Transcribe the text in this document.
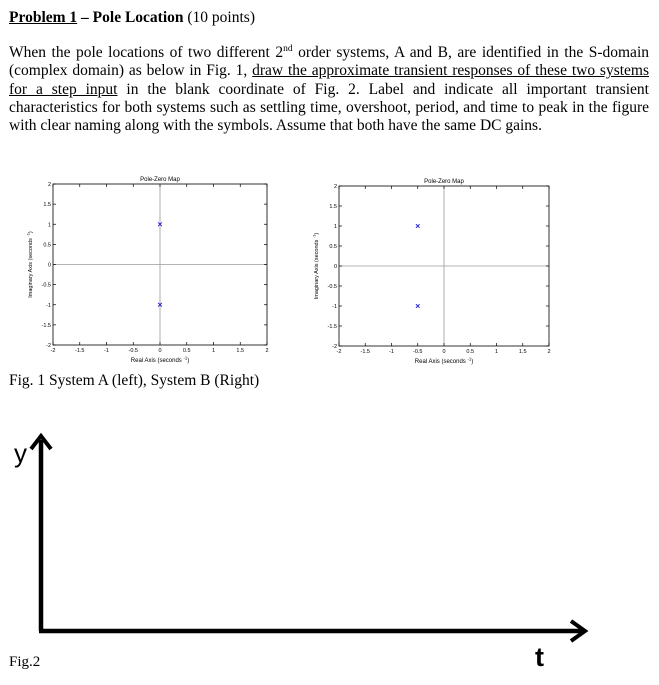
Problem 1 – Pole Location (10 points)
When the pole locations of two different 2nd order systems, A and B, are identified in the S-domain (complex domain) as below in Fig. 1, draw the approximate transient responses of these two systems for a step input in the blank coordinate of Fig. 2. Label and indicate all important transient characteristics for both systems such as settling time, overshoot, period, and time to peak in the figure with clear naming along with the symbols. Assume that both have the same DC gains.
-2	-1.5	-1	-0.5	0	0.5	1	1.5	2
2
1.5
1
0.5
0
-0.5
-1
-1.5
-2
Pole-Zero Map
Real Axis (seconds $^{-1}$)
Imaginary Axis (seconds $^{-1}$)
-2	-1.5	-1	-0.5	0	0.5	1	1.5	2
2
1.5
1
0.5
0
-0.5
-1
-1.5
-2
Pole-Zero Map
Real Axis (seconds $^{-1}$)
Imaginary Axis (seconds $^{-1}$)
Fig. 1 System A (left), System B (Right)
y
t
Fig.2
